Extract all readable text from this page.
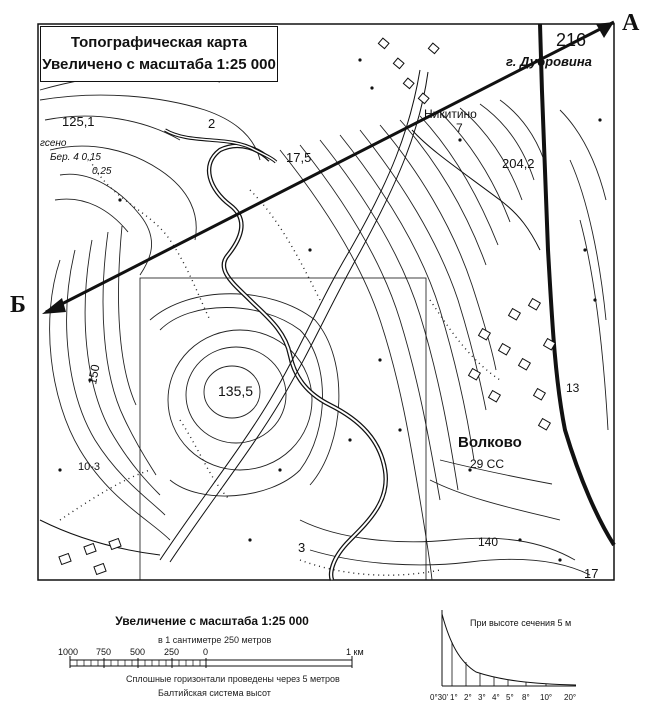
216
г. Дубровина
Никитино
7
204,2
125,1
гсено
Бер. 4 0,15
0,25
17,5
135,5
150
140
Волково
29 СС
2
3
13
17
10-3
Топографическая карта
Увеличено с масштаба 1:25 000
А
Б
Увеличение с масштаба 1:25 000
в 1 сантиметре 250 метров
1000 750 500 250	0	1 км
Сплошные горизонтали проведены через 5 метров
Балтийская система высот
При высоте сечения 5 м
0°30' 1° 2° 3° 4° 5° 8° 10° 20°
